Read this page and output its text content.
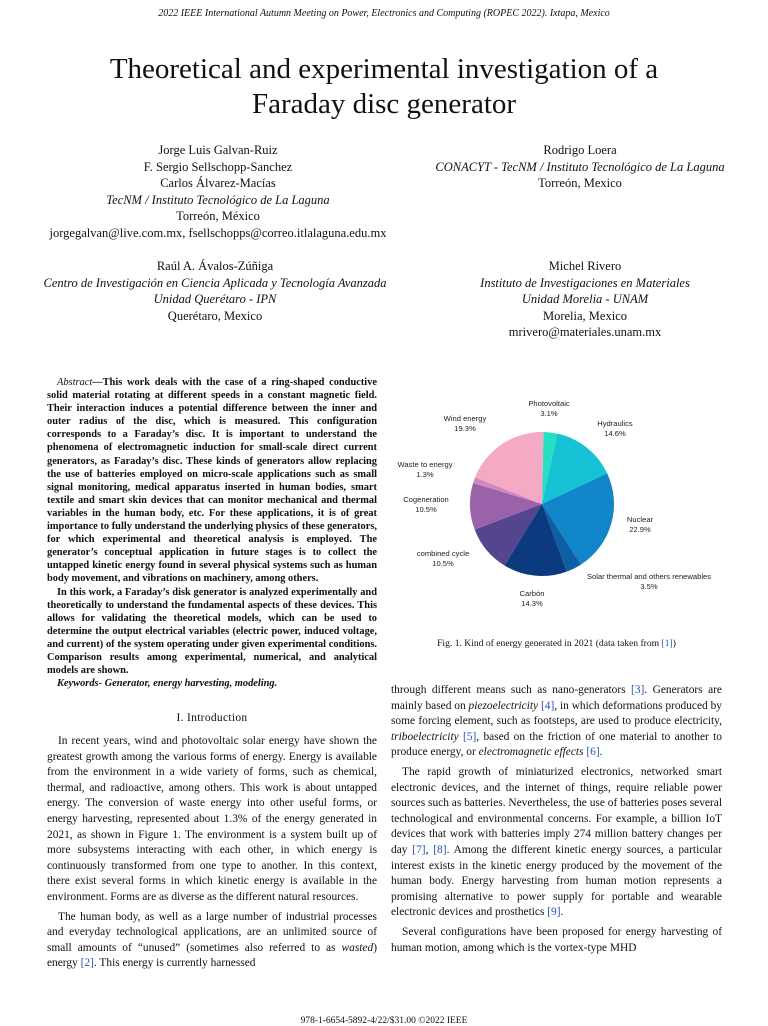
2022 IEEE International Autumn Meeting on Power, Electronics and Computing (ROPEC 2022). Ixtapa, Mexico
Theoretical and experimental investigation of a
Faraday disc generator
Jorge Luis Galvan-Ruiz
F. Sergio Sellschopp-Sanchez
Carlos Álvarez-Macías
TecNM / Instituto Tecnológico de La Laguna
Torreón, México
jorgegalvan@live.com.mx, fsellschopps@correo.itlalaguna.edu.mx
Rodrigo Loera
CONACYT - TecNM / Instituto Tecnológico de La Laguna
Torreón, Mexico
Raúl A. Ávalos-Zúñiga
Centro de Investigación en Ciencia Aplicada y Tecnología Avanzada
Unidad Querétaro - IPN
Querétaro, Mexico
Michel Rivero
Instituto de Investigaciones en Materiales
Unidad Morelia - UNAM
Morelia, Mexico
mrivero@materiales.unam.mx

Abstract—This work deals with the case of a ring-shaped conductive solid material rotating at different speeds in a constant magnetic field. Their interaction induces a potential difference between the inner and outer radius of the disc, which is measured. This configuration corresponds to a Faraday’s disc. It is important to understand the phenomena of electromagnetic induction for small-scale direct current generators, as Faraday’s disc. These kinds of generators allow replacing the use of batteries employed on micro-scale applications such as small signal monitoring, medical apparatus inserted in human bodies, smart textile and smart skin devices that can monitor mechanical and thermal variables in the human body, etc. For these applications, it is of great importance to fully understand the underlying physics of these generators, for which experimental and theoretical analysis is employed. The generator’s conceptual application in future stages is to collect the untapped kinetic energy found in several physical systems such as human body movement, and vibrations on machinery, among others.

In this work, a Faraday’s disk generator is analyzed experimentally and theoretically to understand the fundamental aspects of these devices. This allows for validating the theoretical models, which can be used to determine the output electrical variables (electric power, induced voltage, and current) of the system operating under given experimental conditions. Comparison results among experimental, numerical, and analytical models are shown.

Keywords- Generator, energy harvesting, modeling.

I. Introduction

In recent years, wind and photovoltaic solar energy have shown the greatest growth among the various forms of energy. Energy is available from the environment in a wide variety of forms, such as chemical, thermal, and radioactive, among others. This work is about untapped energy. The conversion of waste energy into other useful forms, or energy harvesting, represented about 1.3% of the energy generated in 2021, as shown in Figure 1. The environment is a system built up of more subsystems interacting with each other, in which energy is continuously transformed from one type to another. In this context, there exist several forms in which kinetic energy is available in the environment. Forms are as diverse as the different natural resources.

The human body, as well as a large number of industrial processes and everyday technological applications, are an unlimited source of small amounts of “unused” (sometimes also referred to as wasted) energy [2]. This energy is currently harnessed

Photovoltaic
3.1%
Hydraulics
14.6%
Nuclear
22.9%
Solar thermal and others renewables
3.5%
Carbón
14.3%
combined cycle
10.5%
Cogeneration
10.5%
Waste to energy
1.3%
Wind energy
19.3%
Fig. 1. Kind of energy generated in 2021 (data taken from [1])

through different means such as nano-generators [3]. Generators are mainly based on piezoelectricity [4], in which deformations produced by some forcing element, such as footsteps, are used to produce electricity, triboelectricity [5], based on the friction of one material to another to produce energy, or electromagnetic effects [6].

The rapid growth of miniaturized electronics, networked smart electronic devices, and the internet of things, require reliable power sources such as batteries. Nevertheless, the use of batteries poses several technological and environmental concerns. For example, a billion IoT devices that work with batteries imply 274 million battery changes per day [7], [8]. Among the different kinetic energy sources, a particular interest exists in the kinetic energy produced by the movement of the human body. Energy harvesting from human motion represents a promising alternative to power supply for portable and wearable electronic devices and prosthetics [9].

Several configurations have been proposed for energy harvesting of human motion, among which is the vortex-type MHD

978-1-6654-5892-4/22/$31.00 ©2022 IEEE
